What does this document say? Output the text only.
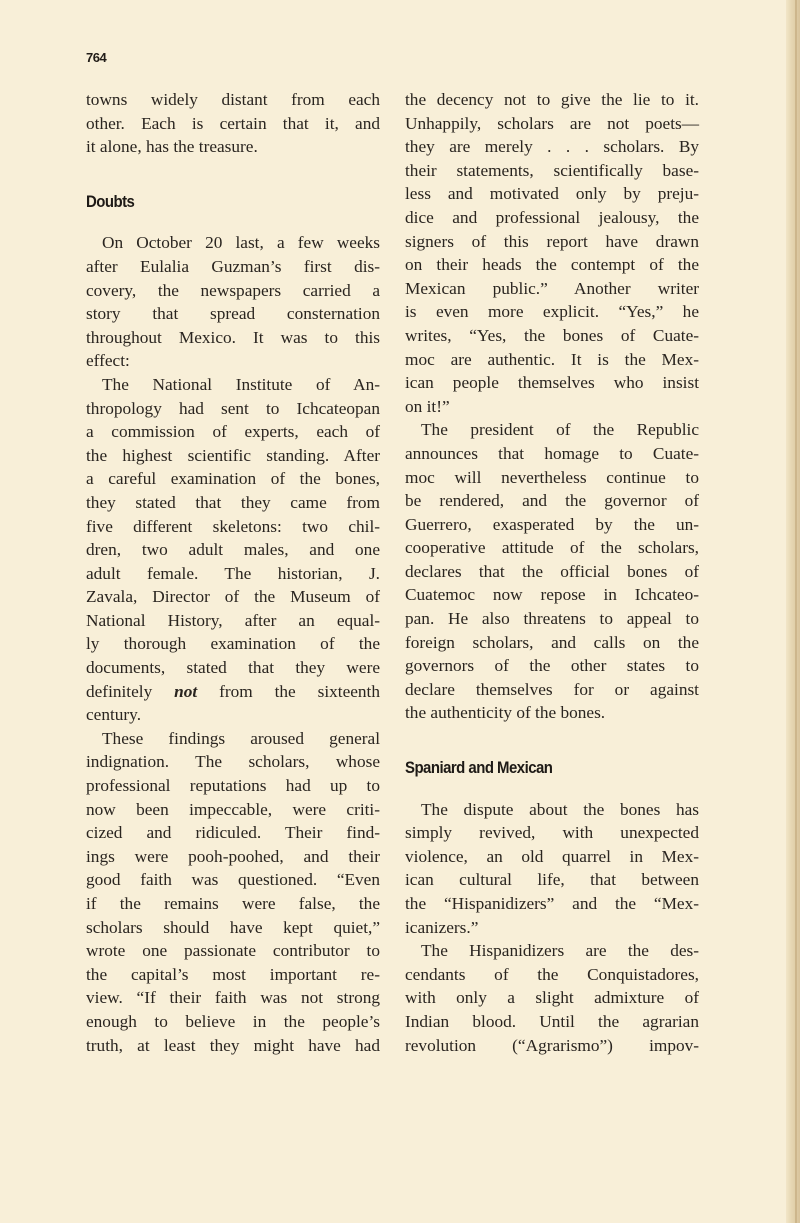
764
towns widely distant from each
other. Each is certain that it, and
it alone, has the treasure.
Doubts
On October 20 last, a few weeks
after Eulalia Guzman’s first dis-
covery, the newspapers carried a
story that spread consternation
throughout Mexico. It was to this
effect:
The National Institute of An-
thropology had sent to Ichcateopan
a commission of experts, each of
the highest scientific standing. After
a careful examination of the bones,
they stated that they came from
five different skeletons: two chil-
dren, two adult males, and one
adult female. The historian, J.
Zavala, Director of the Museum of
National History, after an equal-
ly thorough examination of the
documents, stated that they were
definitely not from the sixteenth
century.
These findings aroused general
indignation. The scholars, whose
professional reputations had up to
now been impeccable, were criti-
cized and ridiculed. Their find-
ings were pooh-poohed, and their
good faith was questioned. “Even
if the remains were false, the
scholars should have kept quiet,”
wrote one passionate contributor to
the capital’s most important re-
view. “If their faith was not strong
enough to believe in the people’s
truth, at least they might have had
the decency not to give the lie to it.
Unhappily, scholars are not poets—
they are merely . . . scholars. By
their statements, scientifically base-
less and motivated only by preju-
dice and professional jealousy, the
signers of this report have drawn
on their heads the contempt of the
Mexican public.” Another writer
is even more explicit. “Yes,” he
writes, “Yes, the bones of Cuate-
moc are authentic. It is the Mex-
ican people themselves who insist
on it!”
The president of the Republic
announces that homage to Cuate-
moc will nevertheless continue to
be rendered, and the governor of
Guerrero, exasperated by the un-
cooperative attitude of the scholars,
declares that the official bones of
Cuatemoc now repose in Ichcateo-
pan. He also threatens to appeal to
foreign scholars, and calls on the
governors of the other states to
declare themselves for or against
the authenticity of the bones.
Spaniard and Mexican
The dispute about the bones has
simply revived, with unexpected
violence, an old quarrel in Mex-
ican cultural life, that between
the “Hispanidizers” and the “Mex-
icanizers.”
The Hispanidizers are the des-
cendants of the Conquistadores,
with only a slight admixture of
Indian blood. Until the agrarian
revolution (“Agrarismo”) impov-
